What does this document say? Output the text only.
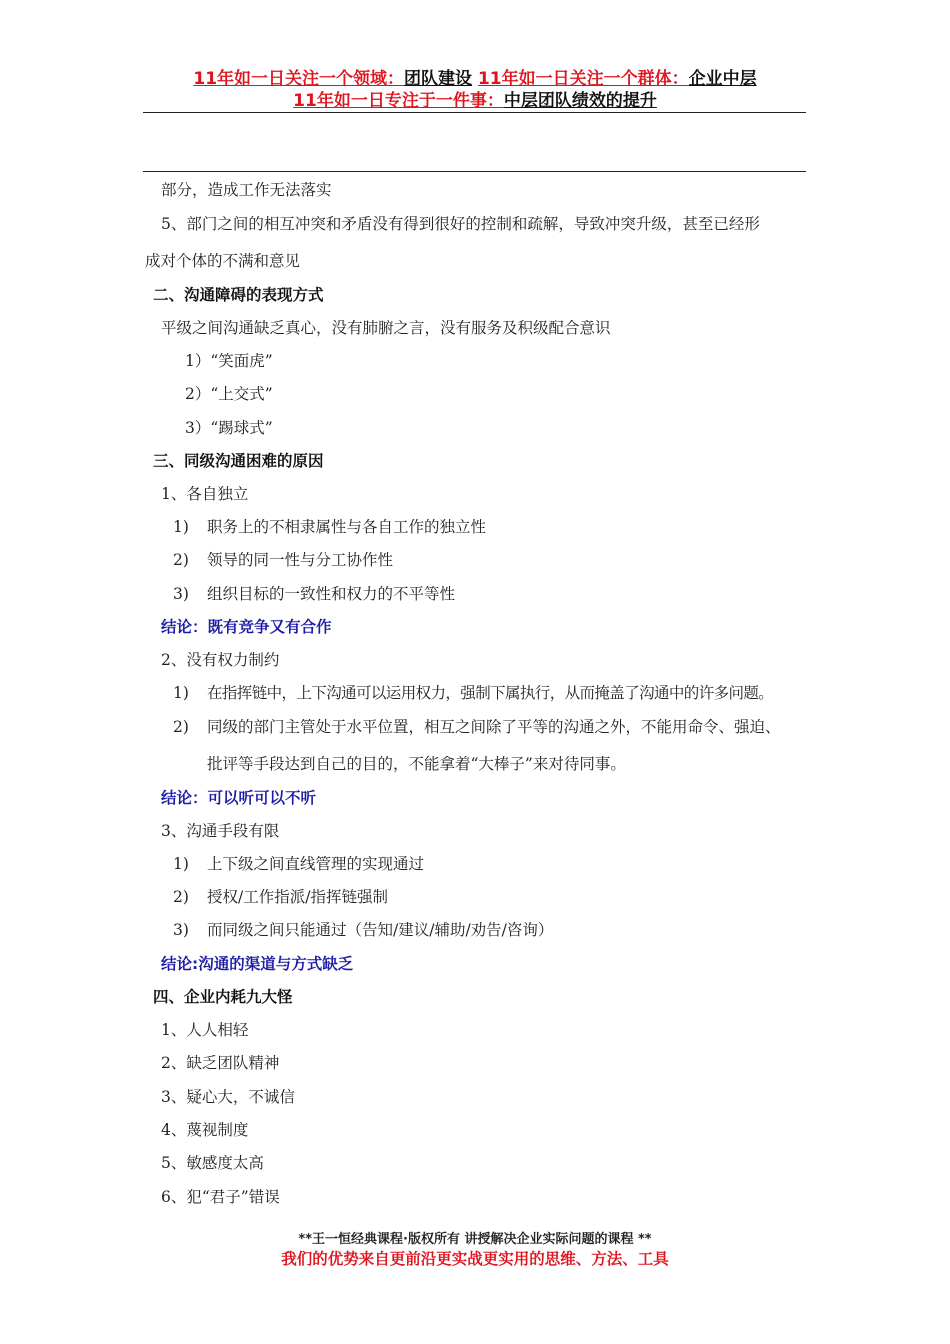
11年如一日关注一个领域：团队建设 11年如一日关注一个群体：企业中层
11年如一日专注于一件事：中层团队绩效的提升
部分，造成工作无法落实
5、部门之间的相互冲突和矛盾没有得到很好的控制和疏解，导致冲突升级，甚至已经形
成对个体的不满和意见
二、沟通障碍的表现方式
平级之间沟通缺乏真心，没有肺腑之言，没有服务及积级配合意识
1）“笑面虎”
2）“上交式”
3）“踢球式”
三、同级沟通困难的原因
1、各自独立
1) 职务上的不相隶属性与各自工作的独立性
2) 领导的同一性与分工协作性
3) 组织目标的一致性和权力的不平等性
结论：既有竞争又有合作
2、没有权力制约
1) 在指挥链中，上下沟通可以运用权力，强制下属执行，从而掩盖了沟通中的许多问题。
2) 同级的部门主管处于水平位置，相互之间除了平等的沟通之外，不能用命令、强迫、
批评等手段达到自己的目的，不能拿着“大棒子”来对待同事。
结论：可以听可以不听
3、沟通手段有限
1) 上下级之间直线管理的实现通过
2) 授权/工作指派/指挥链强制
3) 而同级之间只能通过（告知/建议/辅助/劝告/咨询）
结论:沟通的渠道与方式缺乏
四、企业内耗九大怪
1、人人相轻
2、缺乏团队精神
3、疑心大，不诚信
4、蔑视制度
5、敏感度太高
6、犯“君子”错误
**王一恒经典课程·版权所有 讲授解决企业实际问题的课程 **
我们的优势来自更前沿更实战更实用的思维、方法、工具
